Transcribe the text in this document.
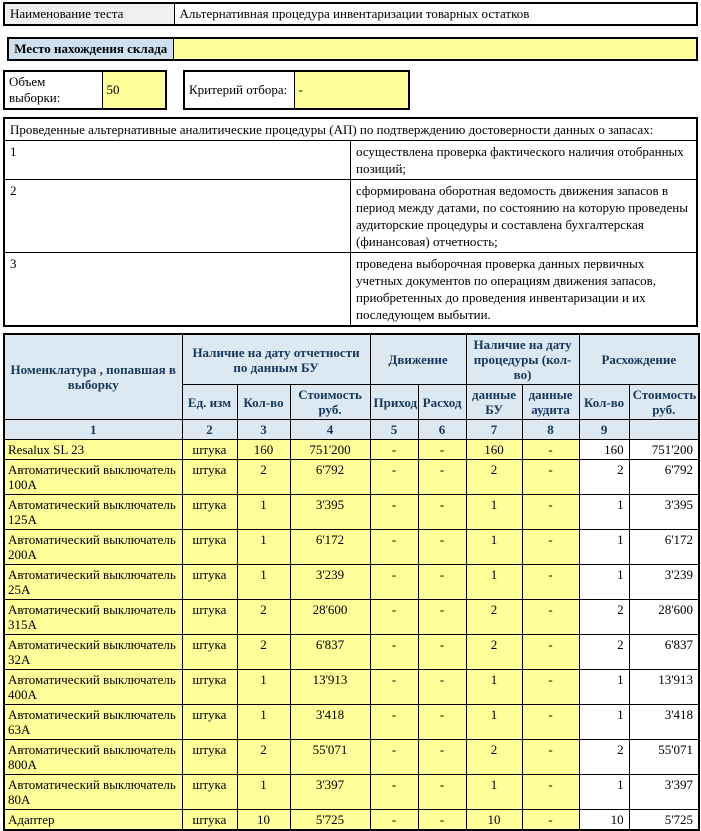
Наименование теста	Альтернативная процедура инвентаризации товарных остатков
Место нахождения склада	
Объем выборки:	50	Критерий отбора:	-
Проведенные альтернативные аналитические процедуры (АП) по подтверждению достоверности данных о запасах:	
1	осуществлена проверка фактического наличия отобранных позиций;
2	сформирована оборотная ведомость движения запасов в период между датами, по состоянию на которую проведены аудиторские процедуры и составлена бухгалтерская (финансовая) отчетность;
3	проведена выборочная проверка данных первичных учетных документов по операциям движения запасов, приобретенных до проведения инвентаризации и их последующем выбытии.
Номенклатура , попавшая в выборку	Наличие на дату отчетности по данным БУ			Движение		Наличие на дату процедуры (кол-во)		Расхождение	
	Ед. изм	Кол-во	Стоимость руб.	Приход	Расход	данные БУ	данные аудита	Кол-во	Стоимость руб.
1	2	3	4	5	6	7	8	9	
Resalux SL 23	штука	160	751'200	-	-	160	-	160	751'200
Автоматический выключатель 100А	штука	2	6'792	-	-	2	-	2	6'792
Автоматический выключатель 125А	штука	1	3'395	-	-	1	-	1	3'395
Автоматический выключатель 200А	штука	1	6'172	-	-	1	-	1	6'172
Автоматический выключатель 25А	штука	1	3'239	-	-	1	-	1	3'239
Автоматический выключатель 315А	штука	2	28'600	-	-	2	-	2	28'600
Автоматический выключатель 32А	штука	2	6'837	-	-	2	-	2	6'837
Автоматический выключатель 400А	штука	1	13'913	-	-	1	-	1	13'913
Автоматический выключатель 63А	штука	1	3'418	-	-	1	-	1	3'418
Автоматический выключатель 800А	штука	2	55'071	-	-	2	-	2	55'071
Автоматический выключатель 80А	штука	1	3'397	-	-	1	-	1	3'397
Адаптер	штука	10	5'725	-	-	10	-	10	5'725
